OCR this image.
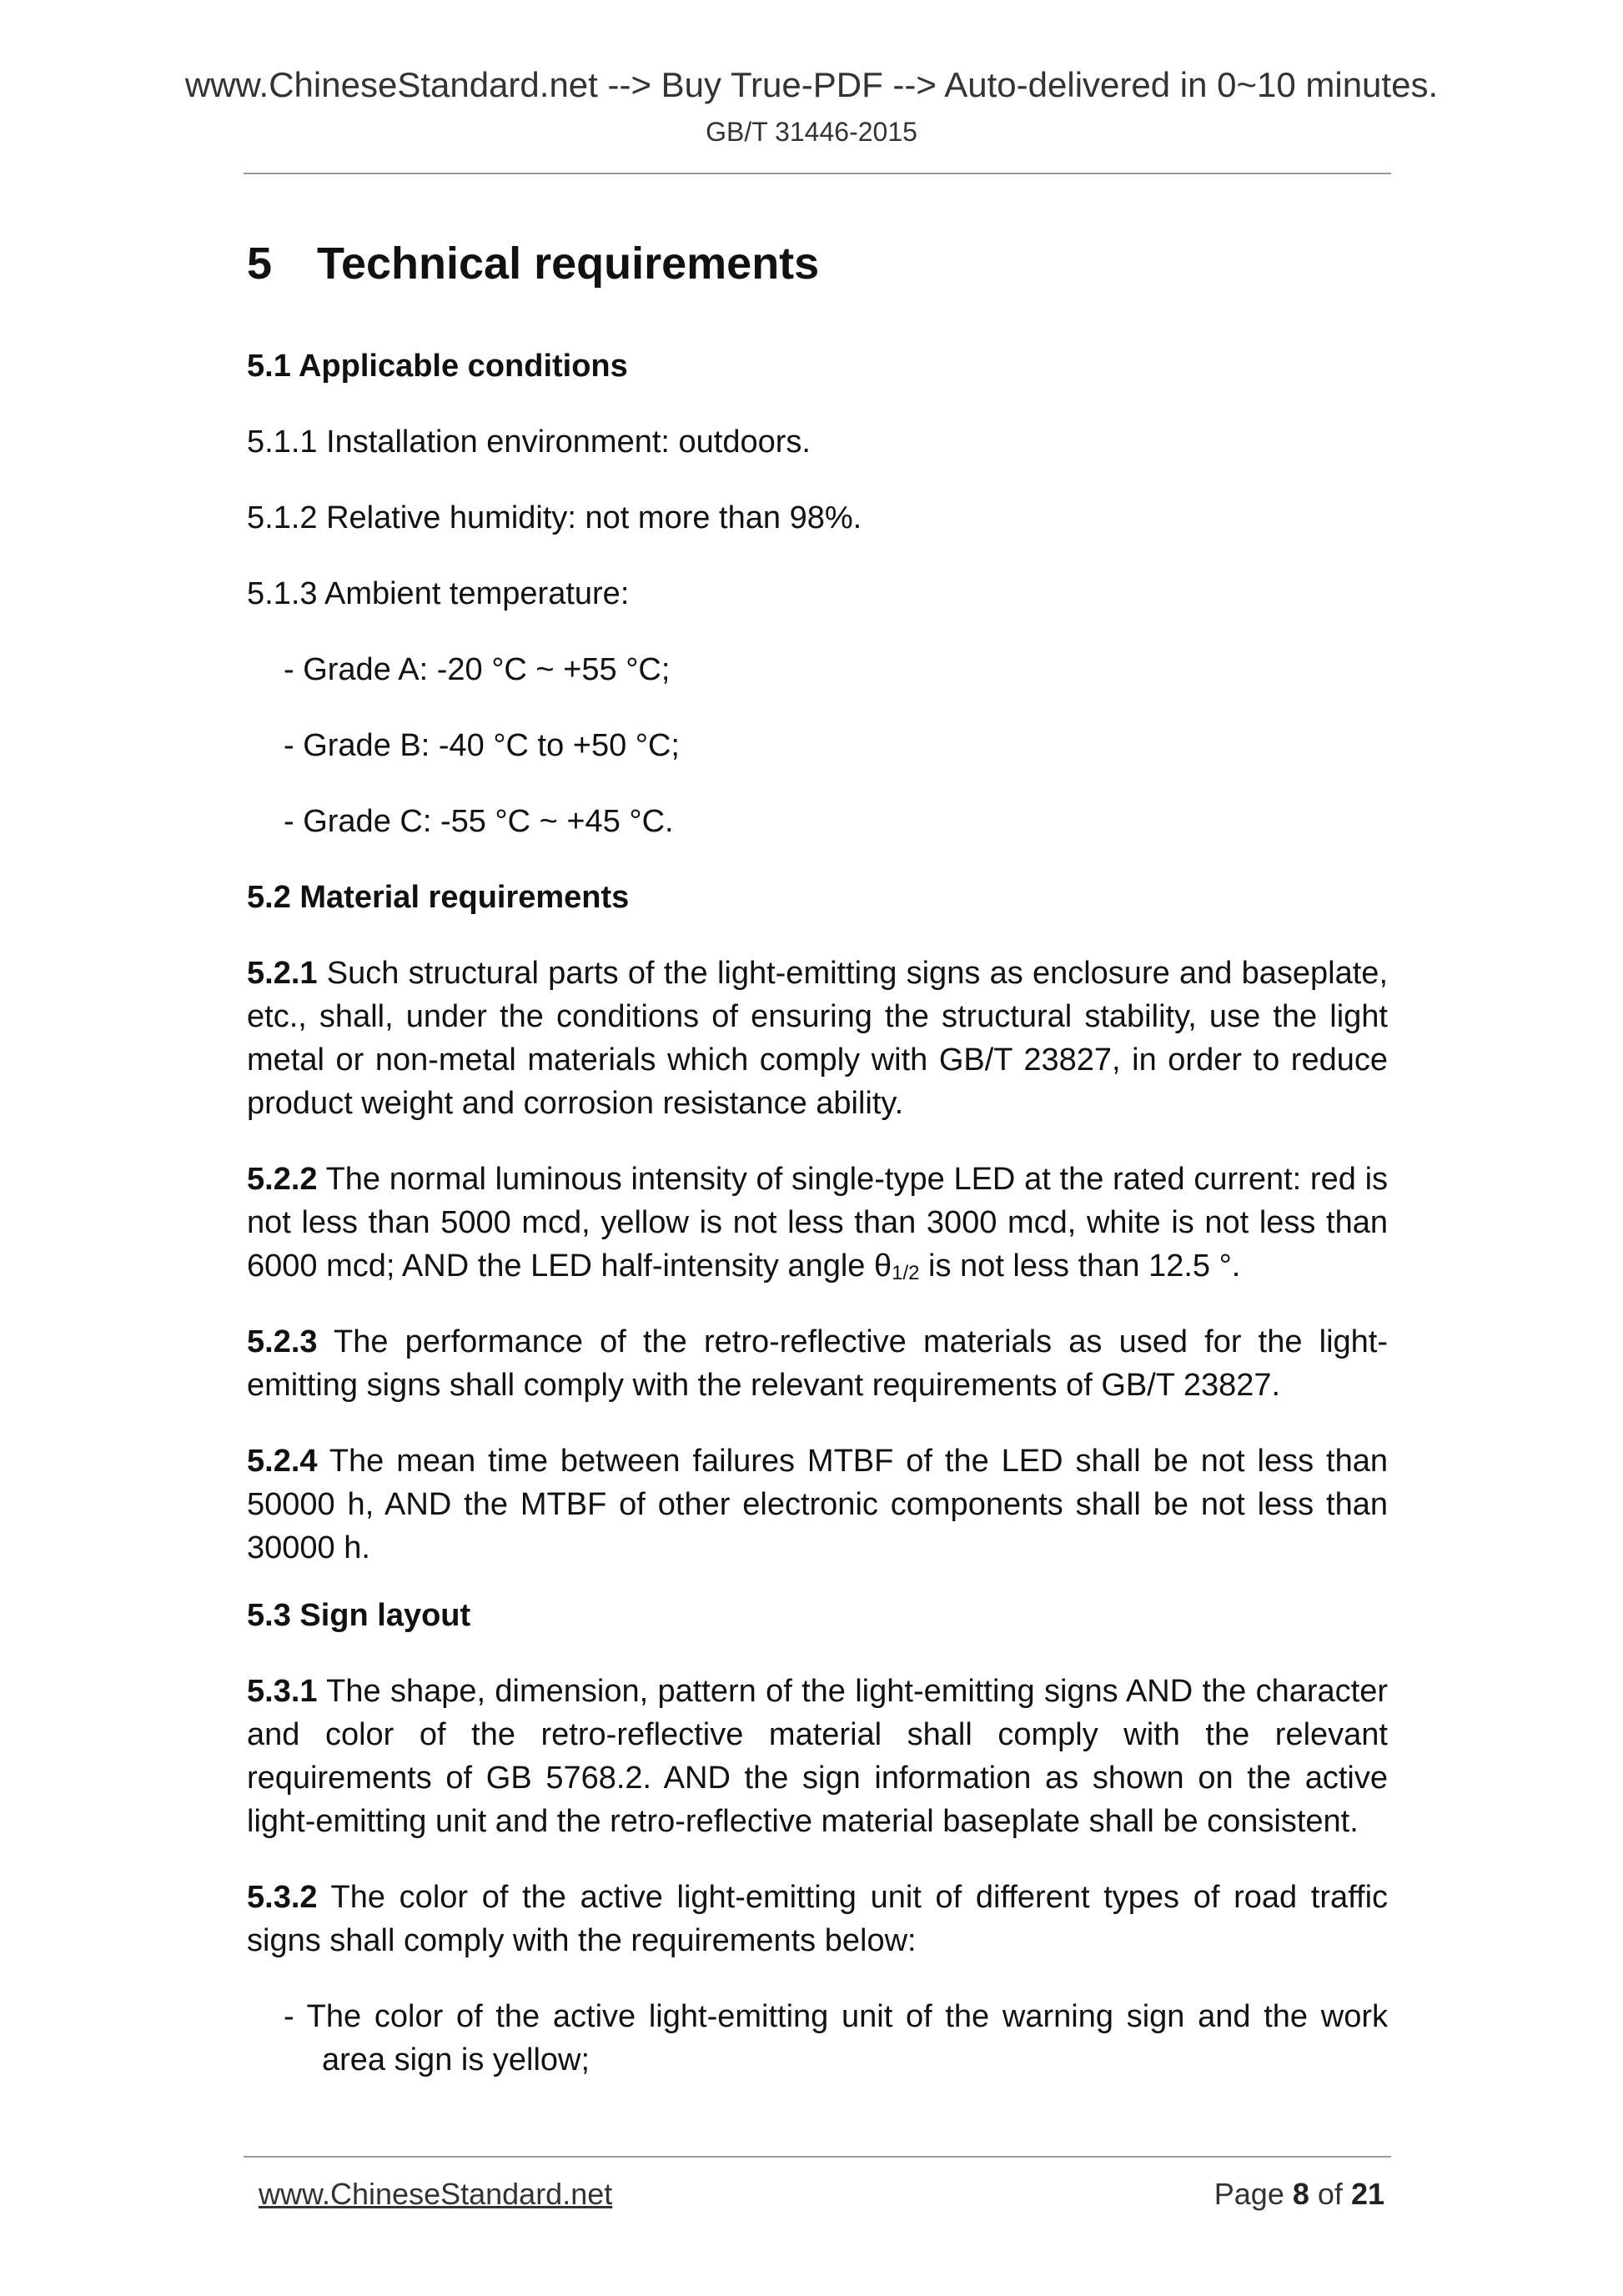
www.ChineseStandard.net --> Buy True-PDF --> Auto-delivered in 0~10 minutes.
GB/T 31446-2015
5 Technical requirements
5.1 Applicable conditions
5.1.1 Installation environment: outdoors.
5.1.2 Relative humidity: not more than 98%.
5.1.3 Ambient temperature:
- Grade A: -20 °C ~ +55 °C;
- Grade B: -40 °C to +50 °C;
- Grade C: -55 °C ~ +45 °C.
5.2 Material requirements
5.2.1 Such structural parts of the light-emitting signs as enclosure and baseplate, etc., shall, under the conditions of ensuring the structural stability, use the light metal or non-metal materials which comply with GB/T 23827, in order to reduce product weight and corrosion resistance ability.
5.2.2 The normal luminous intensity of single-type LED at the rated current: red is not less than 5000 mcd, yellow is not less than 3000 mcd, white is not less than 6000 mcd; AND the LED half-intensity angle $\theta_{1/2}$ is not less than 12.5 °.
5.2.3 The performance of the retro-reflective materials as used for the light-emitting signs shall comply with the relevant requirements of GB/T 23827.
5.2.4 The mean time between failures MTBF of the LED shall be not less than 50000 h, AND the MTBF of other electronic components shall be not less than 30000 h.
5.3 Sign layout
5.3.1 The shape, dimension, pattern of the light-emitting signs AND the character and color of the retro-reflective material shall comply with the relevant requirements of GB 5768.2. AND the sign information as shown on the active light-emitting unit and the retro-reflective material baseplate shall be consistent.
5.3.2 The color of the active light-emitting unit of different types of road traffic signs shall comply with the requirements below:
- The color of the active light-emitting unit of the warning sign and the work area sign is yellow;
www.ChineseStandard.net	Page 8 of 21
